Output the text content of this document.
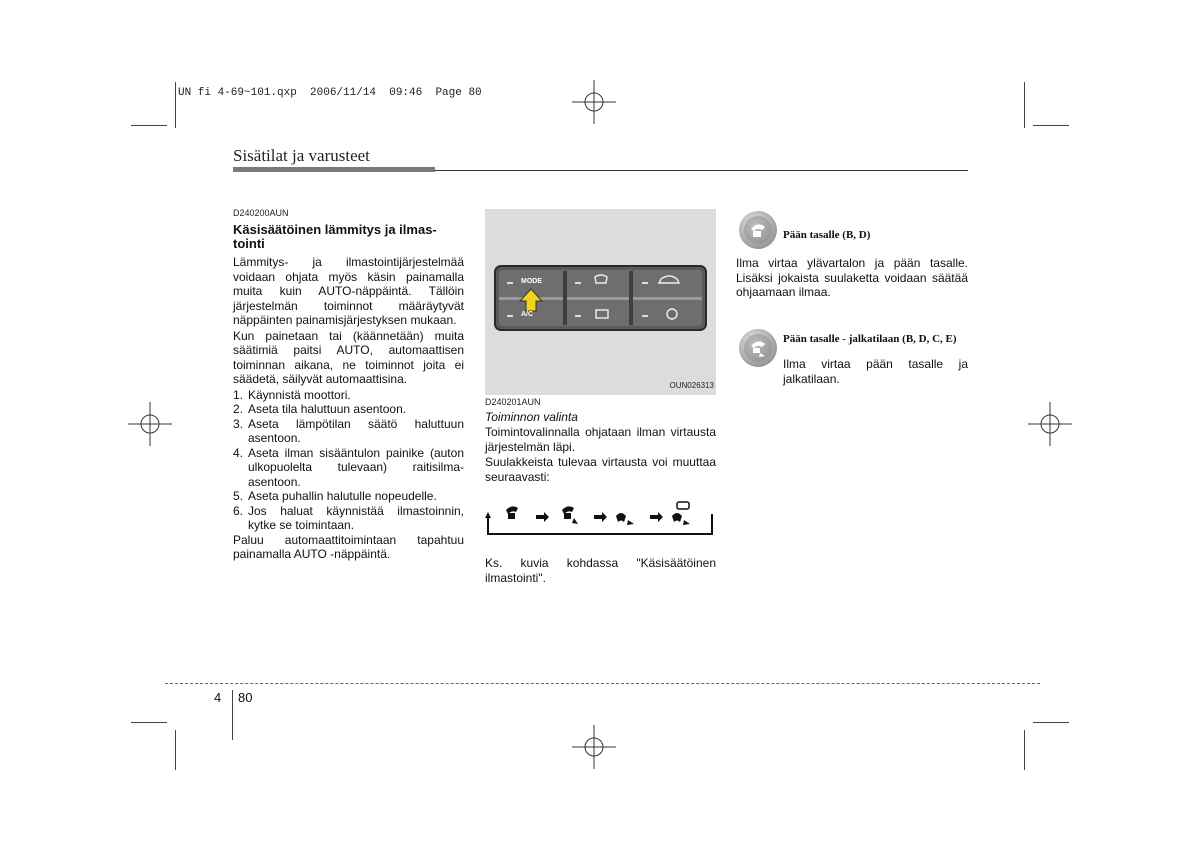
UN fi 4-69~101.qxp  2006/11/14  09:46  Page 80
Sisätilat ja varusteet
D240200AUN
Käsisäätöinen lämmitys ja ilmas-tointi

Lämmitys- ja ilmastointijärjestelmää voidaan ohjata myös käsin painamalla muita kuin AUTO-näppäintä. Tällöin järjestelmän toiminnot määräytyvät näppäinten painamisjärjestyksen mukaan.

Kun painetaan tai (käännetään) muita säätimiä paitsi AUTO, automaattisen toiminnan aikana, ne toiminnot joita ei säädetä, säilyvät automaattisina.

1. Käynnistä moottori.
2. Aseta tila haluttuun asentoon.
3. Aseta lämpötilan säätö haluttuun asentoon.
4. Aseta ilman sisääntulon painike (auton ulkopuolelta tulevaan) raitisilma-asentoon.
5. Aseta puhallin halutulle nopeudelle.
6. Jos haluat käynnistää ilmastoinnin, kytke se toimintaan.

Paluu automaattitoimintaan tapahtuu painamalla AUTO -näppäintä.

MODE
A/C
OUN026313
D240201AUN
Toiminnon valinta

Toimintovalinnalla ohjataan ilman virtausta järjestelmän läpi.

Suulakkeista tulevaa virtausta voi muuttaa seuraavasti:

Ks. kuvia kohdassa "Käsisäätöinen ilmastointi".

Pään tasalle (B, D)
Ilma virtaa ylävartalon ja pään tasalle. Lisäksi jokaista suulaketta voidaan säätää ohjaamaan ilmaa.
Pään tasalle - jalkatilaan (B, D, C, E)
Ilma virtaa pään tasalle ja jalkatilaan.
4 80
